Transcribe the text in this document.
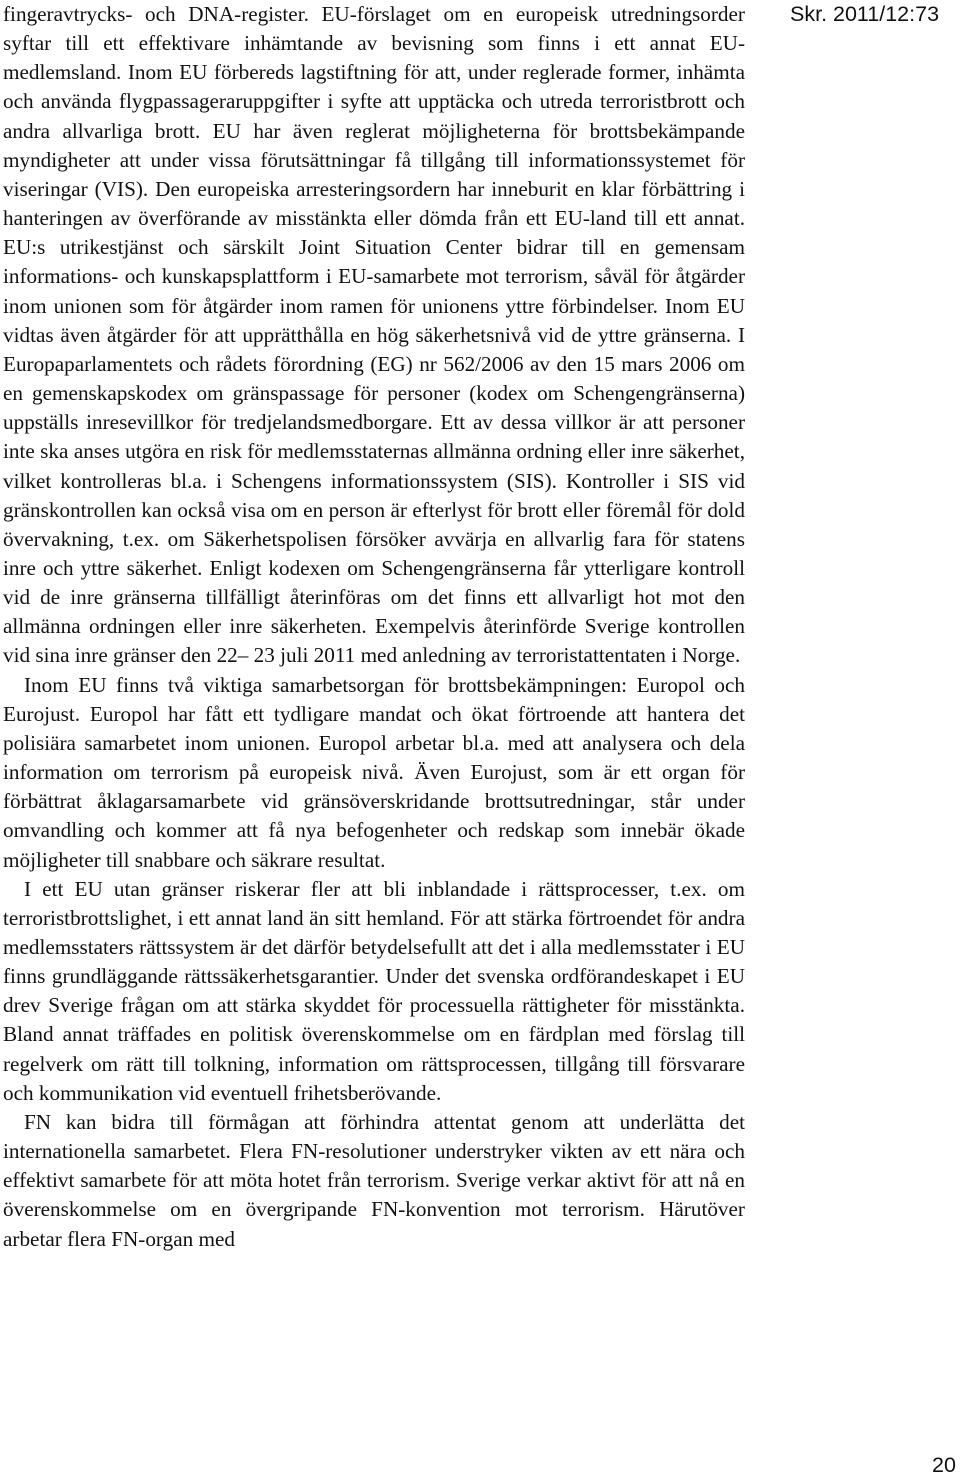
fingeravtrycks- och DNA-register. EU-förslaget om en europeisk utredningsorder syftar till ett effektivare inhämtande av bevisning som finns i ett annat EU-medlemsland. Inom EU förbereds lagstiftning för att, under reglerade former, inhämta och använda flygpassageraruppgifter i syfte att upptäcka och utreda terroristbrott och andra allvarliga brott. EU har även reglerat möjligheterna för brottsbekämpande myndigheter att under vissa förutsättningar få tillgång till informationssystemet för viseringar (VIS). Den europeiska arresteringsordern har inneburit en klar förbättring i hanteringen av överförande av misstänkta eller dömda från ett EU-land till ett annat. EU:s utrikestjänst och särskilt Joint Situation Center bidrar till en gemensam informations- och kunskapsplattform i EU-samarbete mot terrorism, såväl för åtgärder inom unionen som för åtgärder inom ramen för unionens yttre förbindelser. Inom EU vidtas även åtgärder för att upprätthålla en hög säkerhetsnivå vid de yttre gränserna. I Europaparlamentets och rådets förordning (EG) nr 562/2006 av den 15 mars 2006 om en gemenskapskodex om gränspassage för personer (kodex om Schengengränserna) uppställs inresevillkor för tredjelandsmedborgare. Ett av dessa villkor är att personer inte ska anses utgöra en risk för medlemsstaternas allmänna ordning eller inre säkerhet, vilket kontrolleras bl.a. i Schengens informationssystem (SIS). Kontroller i SIS vid gränskontrollen kan också visa om en person är efterlyst för brott eller föremål för dold övervakning, t.ex. om Säkerhetspolisen försöker avvärja en allvarlig fara för statens inre och yttre säkerhet. Enligt kodexen om Schengengränserna får ytterligare kontroll vid de inre gränserna tillfälligt återinföras om det finns ett allvarligt hot mot den allmänna ordningen eller inre säkerheten. Exempelvis återinförde Sverige kontrollen vid sina inre gränser den 22– 23 juli 2011 med anledning av terroristattentaten i Norge.

Inom EU finns två viktiga samarbetsorgan för brottsbekämpningen: Europol och Eurojust. Europol har fått ett tydligare mandat och ökat förtroende att hantera det polisiära samarbetet inom unionen. Europol arbetar bl.a. med att analysera och dela information om terrorism på europeisk nivå. Även Eurojust, som är ett organ för förbättrat åklagarsamarbete vid gränsöverskridande brottsutredningar, står under omvandling och kommer att få nya befogenheter och redskap som innebär ökade möjligheter till snabbare och säkrare resultat.

I ett EU utan gränser riskerar fler att bli inblandade i rättsprocesser, t.ex. om terroristbrottslighet, i ett annat land än sitt hemland. För att stärka förtroendet för andra medlemsstaters rättssystem är det därför betydelsefullt att det i alla medlemsstater i EU finns grundläggande rättssäkerhetsgarantier. Under det svenska ordförandeskapet i EU drev Sverige frågan om att stärka skyddet för processuella rättigheter för misstänkta. Bland annat träffades en politisk överenskommelse om en färdplan med förslag till regelverk om rätt till tolkning, information om rättsprocessen, tillgång till försvarare och kommunikation vid eventuell frihetsberövande.

FN kan bidra till förmågan att förhindra attentat genom att underlätta det internationella samarbetet. Flera FN-resolutioner understryker vikten av ett nära och effektivt samarbete för att möta hotet från terrorism. Sverige verkar aktivt för att nå en överenskommelse om en övergripande FN-konvention mot terrorism. Härutöver arbetar flera FN-organ med

Skr. 2011/12:73
20
